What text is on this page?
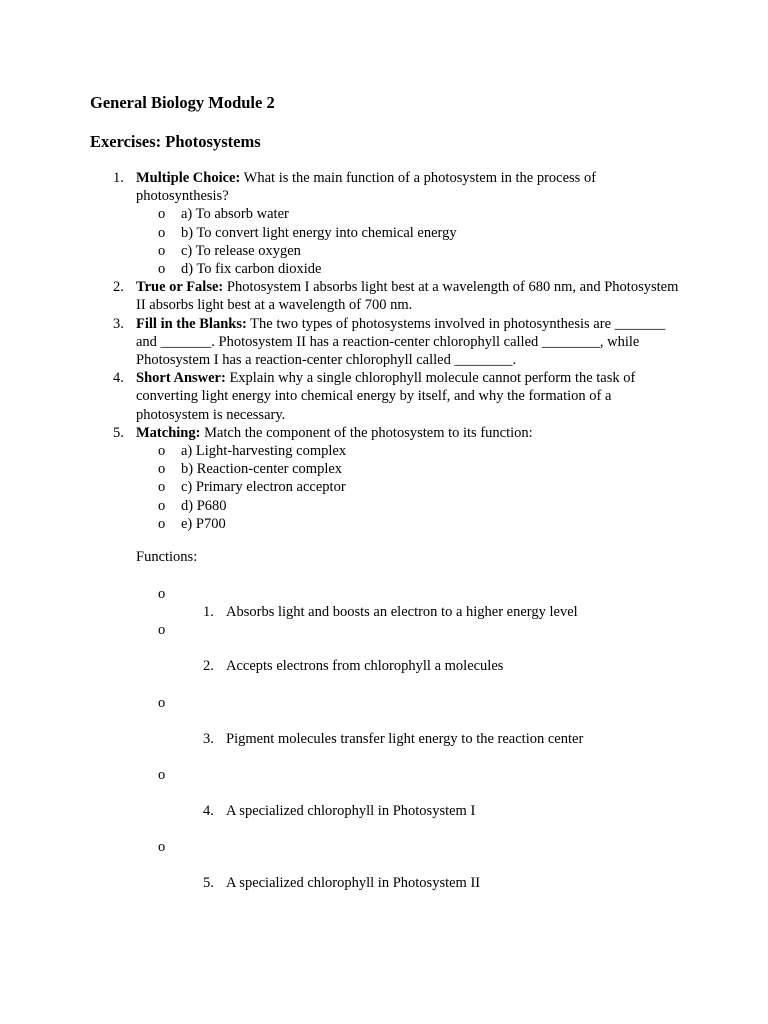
General Biology Module 2
Exercises: Photosystems
1. Multiple Choice: What is the main function of a photosystem in the process of photosynthesis?
o a) To absorb water
o b) To convert light energy into chemical energy
o c) To release oxygen
o d) To fix carbon dioxide
2. True or False: Photosystem I absorbs light best at a wavelength of 680 nm, and Photosystem II absorbs light best at a wavelength of 700 nm.
3. Fill in the Blanks: The two types of photosystems involved in photosynthesis are _______ and _______. Photosystem II has a reaction-center chlorophyll called ________, while Photosystem I has a reaction-center chlorophyll called ________.
4. Short Answer: Explain why a single chlorophyll molecule cannot perform the task of converting light energy into chemical energy by itself, and why the formation of a photosystem is necessary.
5. Matching: Match the component of the photosystem to its function:
o a) Light-harvesting complex
o b) Reaction-center complex
o c) Primary electron acceptor
o d) P680
o e) P700
Functions:
o
1. Absorbs light and boosts an electron to a higher energy level
o
2. Accepts electrons from chlorophyll a molecules
o
3. Pigment molecules transfer light energy to the reaction center
o
4. A specialized chlorophyll in Photosystem I
o
5. A specialized chlorophyll in Photosystem II
